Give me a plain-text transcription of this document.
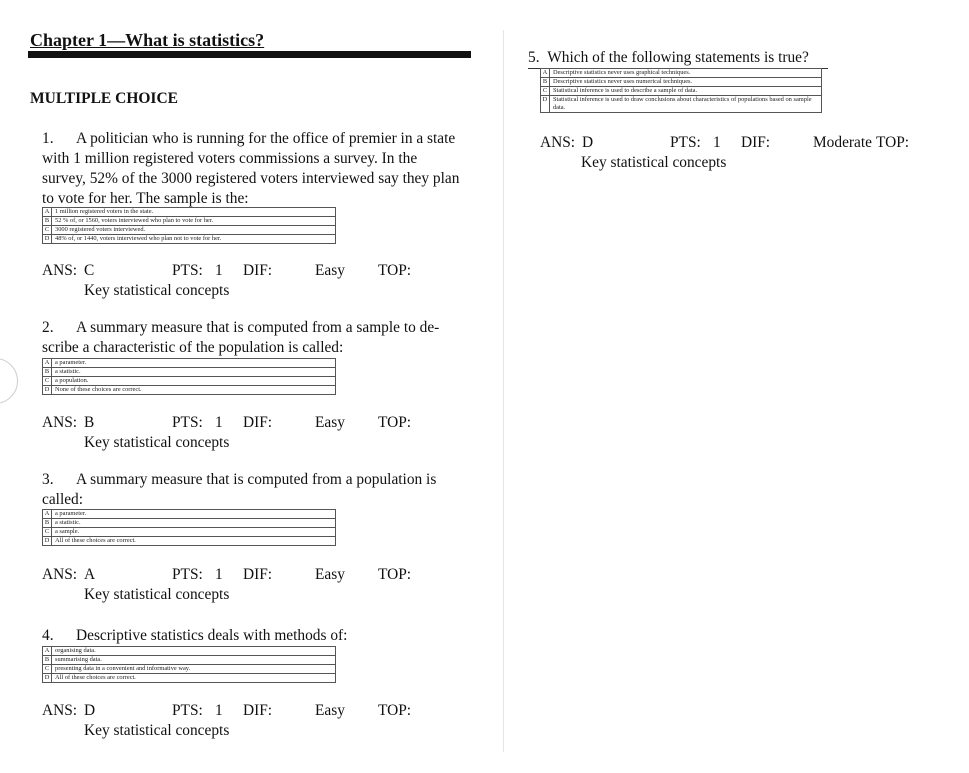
Chapter 1—What is statistics?
MULTIPLE CHOICE
1. A politician who is running for the office of premier in a state with 1 million registered voters commissions a survey. In the survey, 52% of the 3000 registered voters interviewed say they plan to vote for her. The sample is the:
A	1 million registered voters in the state.
B	52 % of, or 1560, voters interviewed who plan to vote for her.
C	3000 registered voters interviewed.
D	48% of, or 1440, voters interviewed who plan not to vote for her.
ANS: C	PTS: 1 DIF:	Easy TOP:
Key statistical concepts
2. A summary measure that is computed from a sample to de-scribe a characteristic of the population is called:
A	a parameter.
B	a statistic.
C	a population.
D	None of these choices are correct.
ANS: B	PTS: 1 DIF:	Easy TOP:
Key statistical concepts
3. A summary measure that is computed from a population is called:
A	a parameter.
B	a statistic.
C	a sample.
D	All of these choices are correct.
ANS: A	PTS: 1 DIF:	Easy TOP:
Key statistical concepts
4. Descriptive statistics deals with methods of:
A	organising data.
B	summarising data.
C	presenting data in a convenient and informative way.
D	All of these choices are correct.
ANS: D	PTS: 1 DIF:	Easy TOP:
Key statistical concepts
5. Which of the following statements is true?
A	Descriptive statistics never uses graphical techniques.
B	Descriptive statistics never uses numerical techniques.
C	Statistical inference is used to describe a sample of data.
D	Statistical inference is used to draw conclusions about characteristics of populations based on sample data.
ANS: D	PTS: 1 DIF:	Moderate TOP:
Key statistical concepts
